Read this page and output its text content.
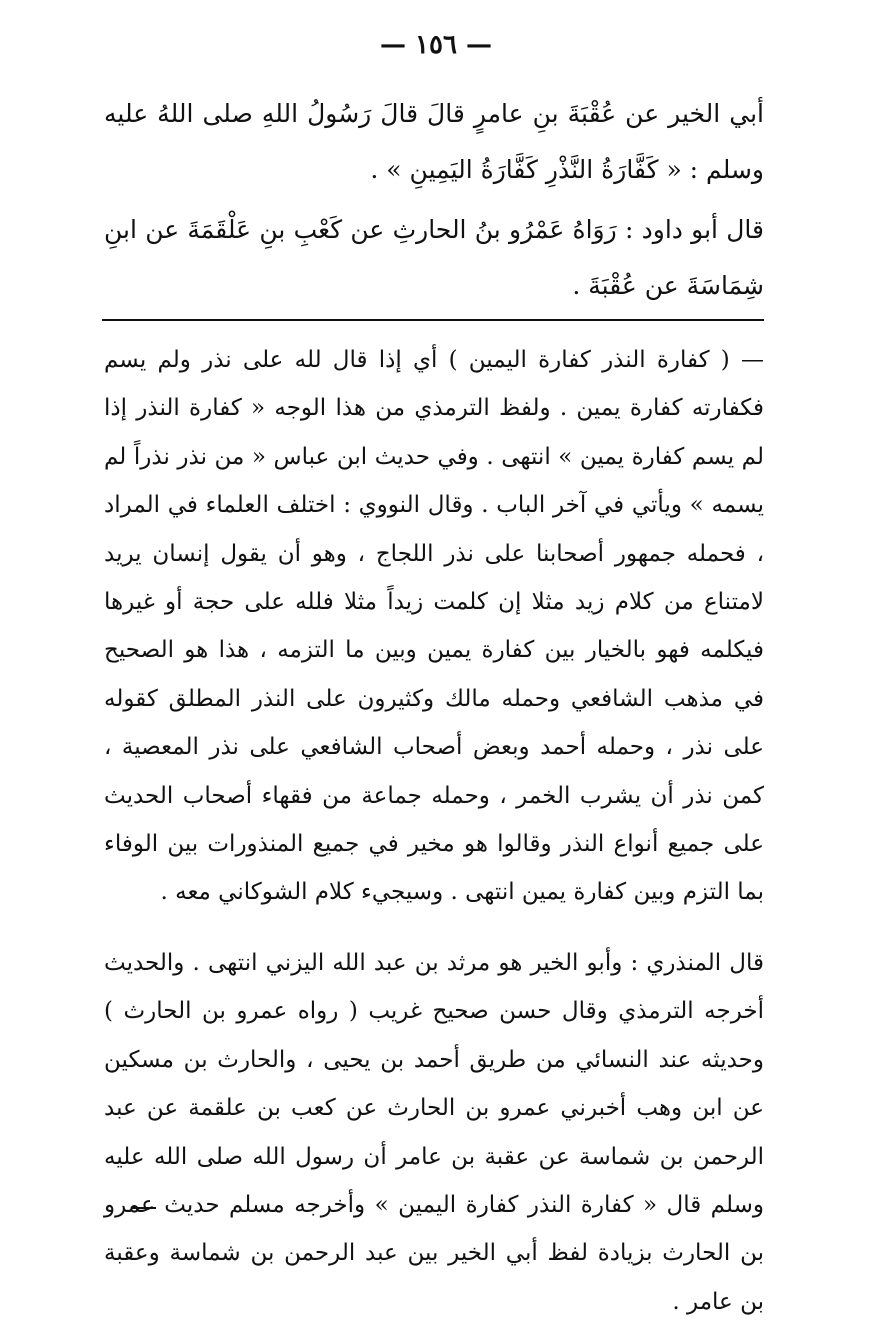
— ١٥٦ —

أبي الخير عن عُقْبَةَ بنِ عامرٍ قالَ قالَ رَسُولُ اللهِ صلى اللهُ عليه وسلم : « كَفَّارَةُ النَّذْرِ كَفَّارَةُ اليَمِينِ » .

قال أبو داود : رَوَاهُ عَمْرُو بنُ الحارثِ عن كَعْبِ بنِ عَلْقَمَةَ عن ابنِ شِمَاسَةَ عن عُقْبَةَ .

— ( كفارة النذر كفارة اليمين ) أي إذا قال لله على نذر ولم يسم فكفارته كفارة يمين . ولفظ الترمذي من هذا الوجه « كفارة النذر إذا لم يسم كفارة يمين » انتهى . وفي حديث ابن عباس « من نذر نذراً لم يسمه » ويأتي في آخر الباب . وقال النووي : اختلف العلماء في المراد ، فحمله جمهور أصحابنا على نذر اللجاج ، وهو أن يقول إنسان يريد لامتناع من كلام زيد مثلا إن كلمت زيداً مثلا فلله على حجة أو غيرها فيكلمه فهو بالخيار بين كفارة يمين وبين ما التزمه ، هذا هو الصحيح في مذهب الشافعي وحمله مالك وكثيرون على النذر المطلق كقوله على نذر ، وحمله أحمد وبعض أصحاب الشافعي على نذر المعصية ، كمن نذر أن يشرب الخمر ، وحمله جماعة من فقهاء أصحاب الحديث على جميع أنواع النذر وقالوا هو مخير في جميع المنذورات بين الوفاء بما التزم وبين كفارة يمين انتهى . وسيجيء كلام الشوكاني معه .

قال المنذري : وأبو الخير هو مرثد بن عبد الله اليزني انتهى . والحديث أخرجه الترمذي وقال حسن صحيح غريب ( رواه عمرو بن الحارث ) وحديثه عند النسائي من طريق أحمد بن يحيى ، والحارث بن مسكين عن ابن وهب أخبرني عمرو بن الحارث عن كعب بن علقمة عن عبد الرحمن بن شماسة عن عقبة بن عامر أن رسول الله صلى الله عليه وسلم قال « كفارة النذر كفارة اليمين » وأخرجه مسلم حديث عمرو بن الحارث بزيادة لفظ أبي الخير بين عبد الرحمن بن شماسة وعقبة بن عامر .
